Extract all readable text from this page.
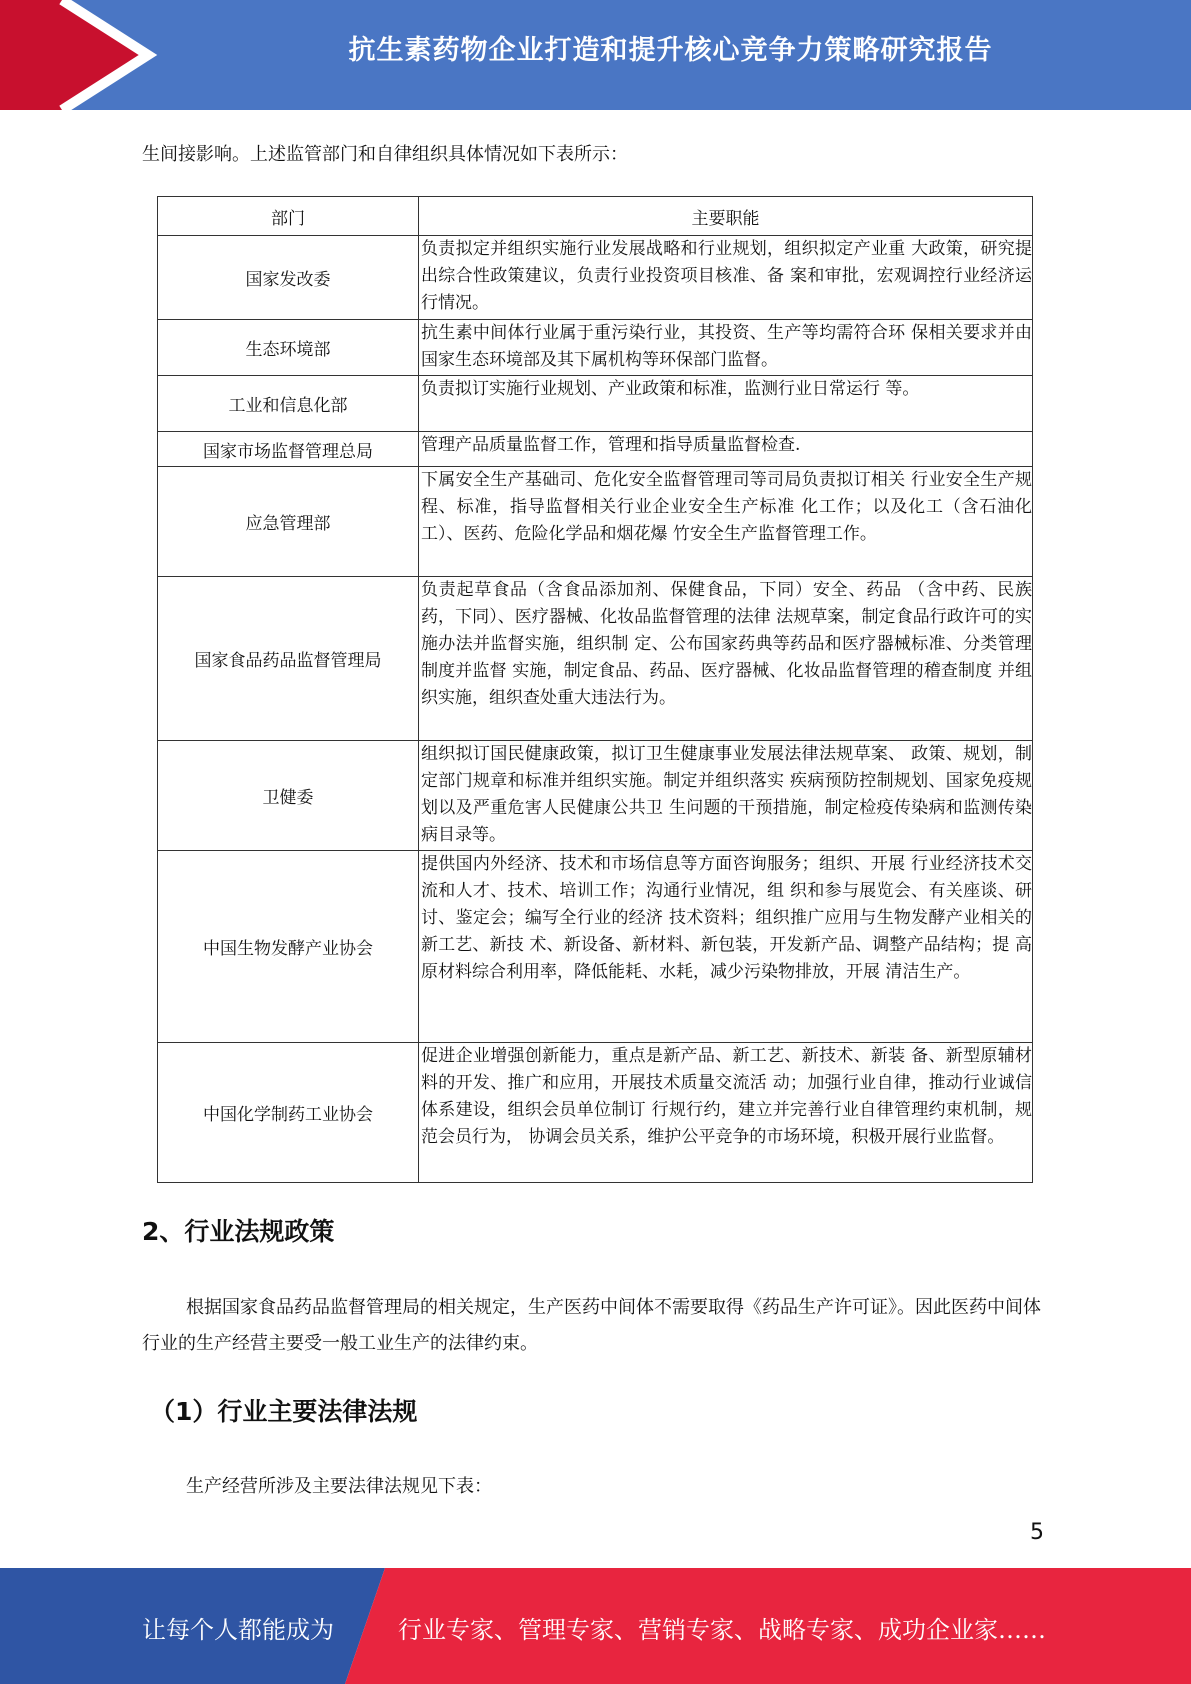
抗生素药物企业打造和提升核心竞争力策略研究报告
生间接影响。上述监管部门和自律组织具体情况如下表所示：
部门	主要职能
国家发改委	负责拟定并组织实施行业发展战略和行业规划，组织拟定产业重 大政策，研究提出综合性政策建议，负责行业投资项目核准、备 案和审批，宏观调控行业经济运行情况。
生态环境部	抗生素中间体行业属于重污染行业，其投资、生产等均需符合环 保相关要求并由国家生态环境部及其下属机构等环保部门监督。
工业和信息化部	负责拟订实施行业规划、产业政策和标准，监测行业日常运行 等。
国家市场监督管理总局	管理产品质量监督工作，管理和指导质量监督检查.
应急管理部	下属安全生产基础司、危化安全监督管理司等司局负责拟订相关 行业安全生产规程、标准，指导监督相关行业企业安全生产标准 化工作；以及化工（含石油化工）、医药、危险化学品和烟花爆 竹安全生产监督管理工作。
国家食品药品监督管理局	负责起草食品（含食品添加剂、保健食品，下同）安全、药品 （含中药、民族药，下同）、医疗器械、化妆品监督管理的法律 法规草案，制定食品行政许可的实施办法并监督实施，组织制 定、公布国家药典等药品和医疗器械标准、分类管理制度并监督 实施，制定食品、药品、医疗器械、化妆品监督管理的稽查制度 并组织实施，组织查处重大违法行为。
卫健委	组织拟订国民健康政策，拟订卫生健康事业发展法律法规草案、 政策、规划，制定部门规章和标准并组织实施。制定并组织落实 疾病预防控制规划、国家免疫规划以及严重危害人民健康公共卫 生问题的干预措施，制定检疫传染病和监测传染病目录等。
中国生物发酵产业协会	提供国内外经济、技术和市场信息等方面咨询服务；组织、开展 行业经济技术交流和人才、技术、培训工作；沟通行业情况，组 织和参与展览会、有关座谈、研讨、鉴定会；编写全行业的经济 技术资料；组织推广应用与生物发酵产业相关的新工艺、新技 术、新设备、新材料、新包装，开发新产品、调整产品结构；提 高原材料综合利用率，降低能耗、水耗，减少污染物排放，开展 清洁生产。
中国化学制药工业协会	促进企业增强创新能力，重点是新产品、新工艺、新技术、新装 备、新型原辅材料的开发、推广和应用，开展技术质量交流活 动；加强行业自律，推动行业诚信体系建设，组织会员单位制订 行规行约，建立并完善行业自律管理约束机制，规范会员行为， 协调会员关系，维护公平竞争的市场环境，积极开展行业监督。
2、行业法规政策
根据国家食品药品监督管理局的相关规定，生产医药中间体不需要取得《药品生产许可证》。因此医药中间体行业的生产经营主要受一般工业生产的法律约束。
（1）行业主要法律法规
生产经营所涉及主要法律法规见下表：
5
让每个人都能成为	行业专家、管理专家、营销专家、战略专家、成功企业家……
